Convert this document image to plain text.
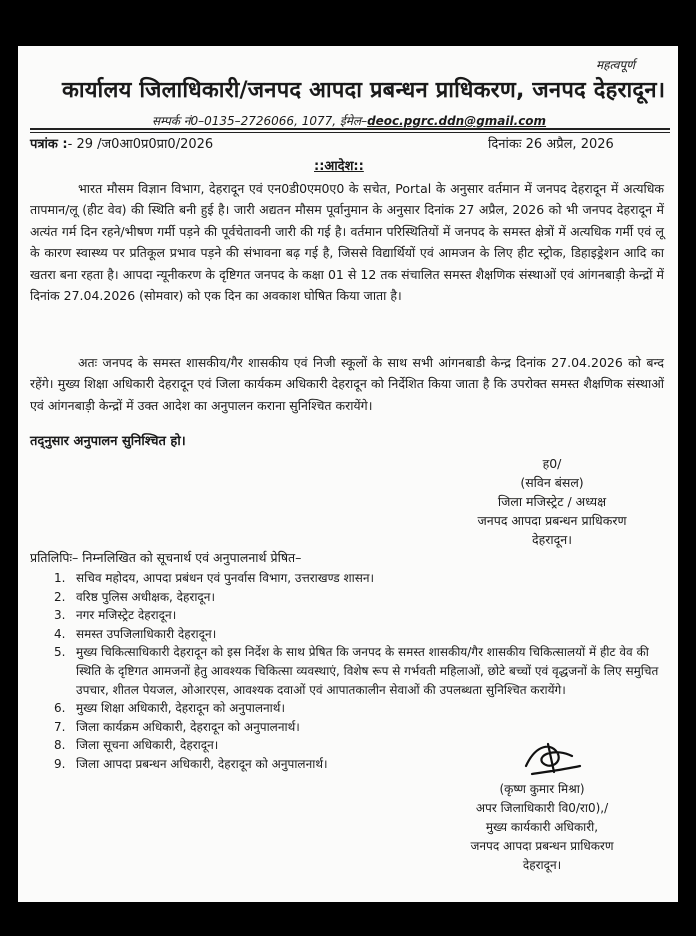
महत्वपूर्ण
कार्यालय जिलाधिकारी/जनपद आपदा प्रबन्धन प्राधिकरण, जनपद देहरादून।
सम्पर्क नं0–0135–2726066, 1077, ईमेल–deoc.pgrc.ddn@gmail.com
पत्रांक :- 29 /ज0आ0प्र0प्रा0/2026	दिनांकः 26 अप्रैल, 2026
::आदेश::
भारत मौसम विज्ञान विभाग, देहरादून एवं एन0डी0एम0ए0 के सचेत, Portal के अनुसार वर्तमान में जनपद देहरादून में अत्यधिक तापमान/लू (हीट वेव) की स्थिति बनी हुई है। जारी अद्यतन मौसम पूर्वानुमान के अनुसार दिनांक 27 अप्रैल, 2026 को भी जनपद देहरादून में अत्यंत गर्म दिन रहने/भीषण गर्मी पड़ने की पूर्वचेतावनी जारी की गई है। वर्तमान परिस्थितियों में जनपद के समस्त क्षेत्रों में अत्यधिक गर्मी एवं लू के कारण स्वास्थ्य पर प्रतिकूल प्रभाव पड़ने की संभावना बढ़ गई है, जिससे विद्यार्थियों एवं आमजन के लिए हीट स्ट्रोक, डिहाइड्रेशन आदि का खतरा बना रहता है। आपदा न्यूनीकरण के दृष्टिगत जनपद के कक्षा 01 से 12 तक संचालित समस्त शैक्षणिक संस्थाओं एवं आंगनबाड़ी केन्द्रों में दिनांक 27.04.2026 (सोमवार) को एक दिन का अवकाश घोषित किया जाता है।
अतः जनपद के समस्त शासकीय/गैर शासकीय एवं निजी स्कूलों के साथ सभी आंगनबाडी केन्द्र दिनांक 27.04.2026 को बन्द रहेंगे। मुख्य शिक्षा अधिकारी देहरादून एवं जिला कार्यकम अधिकारी देहरादून को निर्देशित किया जाता है कि उपरोक्त समस्त शैक्षणिक संस्थाओं एवं आंगनबाड़ी केन्द्रों में उक्त आदेश का अनुपालन कराना सुनिश्चित करायेंगे।
तद्नुसार अनुपालन सुनिश्चित हो।
ह0/
(सविन बंसल)
जिला मजिस्ट्रेट / अध्यक्ष
जनपद आपदा प्रबन्धन प्राधिकरण
देहरादून।
प्रतिलिपिः– निम्नलिखित को सूचनार्थ एवं अनुपालनार्थ प्रेषित–
1. सचिव महोदय, आपदा प्रबंधन एवं पुनर्वास विभाग, उत्तराखण्ड शासन।
2. वरिष्ठ पुलिस अधीक्षक, देहरादून।
3. नगर मजिस्ट्रेट देहरादून।
4. समस्त उपजिलाधिकारी देहरादून।
5. मुख्य चिकित्साधिकारी देहरादून को इस निर्देश के साथ प्रेषित कि जनपद के समस्त शासकीय/गैर शासकीय चिकित्सालयों में हीट वेव की स्थिति के दृष्टिगत आमजनों हेतु आवश्यक चिकित्सा व्यवस्थाएं, विशेष रूप से गर्भवती महिलाओं, छोटे बच्चों एवं वृद्धजनों के लिए समुचित उपचार, शीतल पेयजल, ओआरएस, आवश्यक दवाओं एवं आपातकालीन सेवाओं की उपलब्धता सुनिश्चित करायेंगे।
6. मुख्य शिक्षा अधिकारी, देहरादून को अनुपालनार्थ।
7. जिला कार्यक्रम अधिकारी, देहरादून को अनुपालनार्थ।
8. जिला सूचना अधिकारी, देहरादून।
9. जिला आपदा प्रबन्धन अधिकारी, देहरादून को अनुपालनार्थ।
(कृष्ण कुमार मिश्रा)
अपर जिलाधिकारी वि0/रा0),/
मुख्य कार्यकारी अधिकारी,
जनपद आपदा प्रबन्धन प्राधिकरण
देहरादून।
